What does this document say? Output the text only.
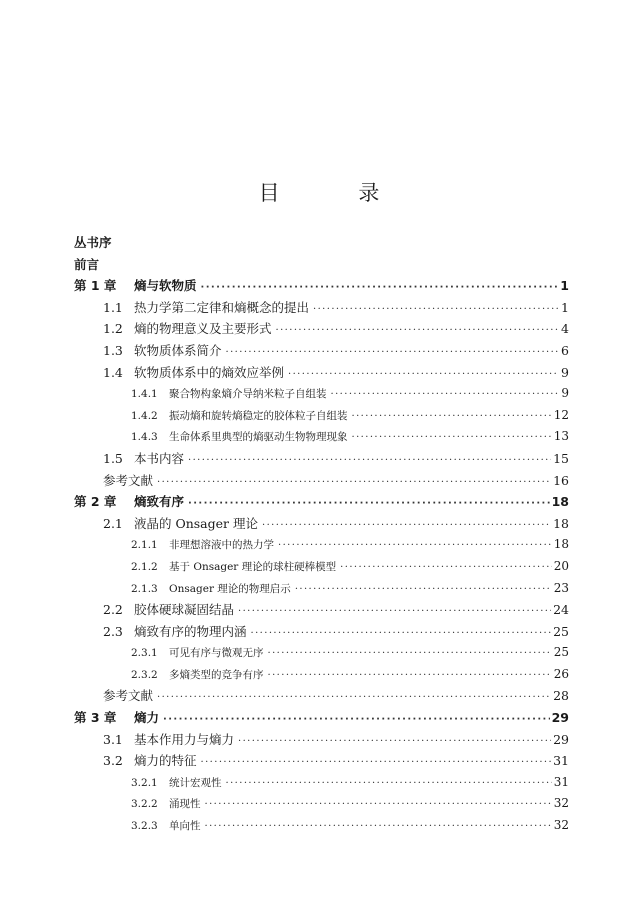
目 录
丛书序
前言
第 1 章	熵与软物质 ·····	1
1.1 热力学第二定律和熵概念的提出 ·····	1
1.2 熵的物理意义及主要形式 ·····	4
1.3 软物质体系简介 ·····	6
1.4 软物质体系中的熵效应举例 ·····	9
1.4.1	聚合物构象熵介导纳米粒子自组装 ·····	9
1.4.2	振动熵和旋转熵稳定的胶体粒子自组装 ·····	12
1.4.3	生命体系里典型的熵驱动生物物理现象 ·····	13
1.5 本书内容 ·····	15
参考文献 ·····	16
第 2 章	熵致有序 ·····	18
2.1 液晶的 Onsager 理论 ·····	18
2.1.1	非理想溶液中的热力学 ·····	18
2.1.2	基于 Onsager 理论的球柱硬棒模型 ·····	20
2.1.3	Onsager 理论的物理启示 ·····	23
2.2 胶体硬球凝固结晶 ·····	24
2.3 熵致有序的物理内涵 ·····	25
2.3.1	可见有序与微观无序 ·····	25
2.3.2	多熵类型的竞争有序 ·····	26
参考文献 ·····	28
第 3 章	熵力 ·····	29
3.1 基本作用力与熵力 ·····	29
3.2 熵力的特征 ·····	31
3.2.1	统计宏观性 ·····	31
3.2.2	涌现性 ·····	32
3.2.3	单向性 ·····	32
